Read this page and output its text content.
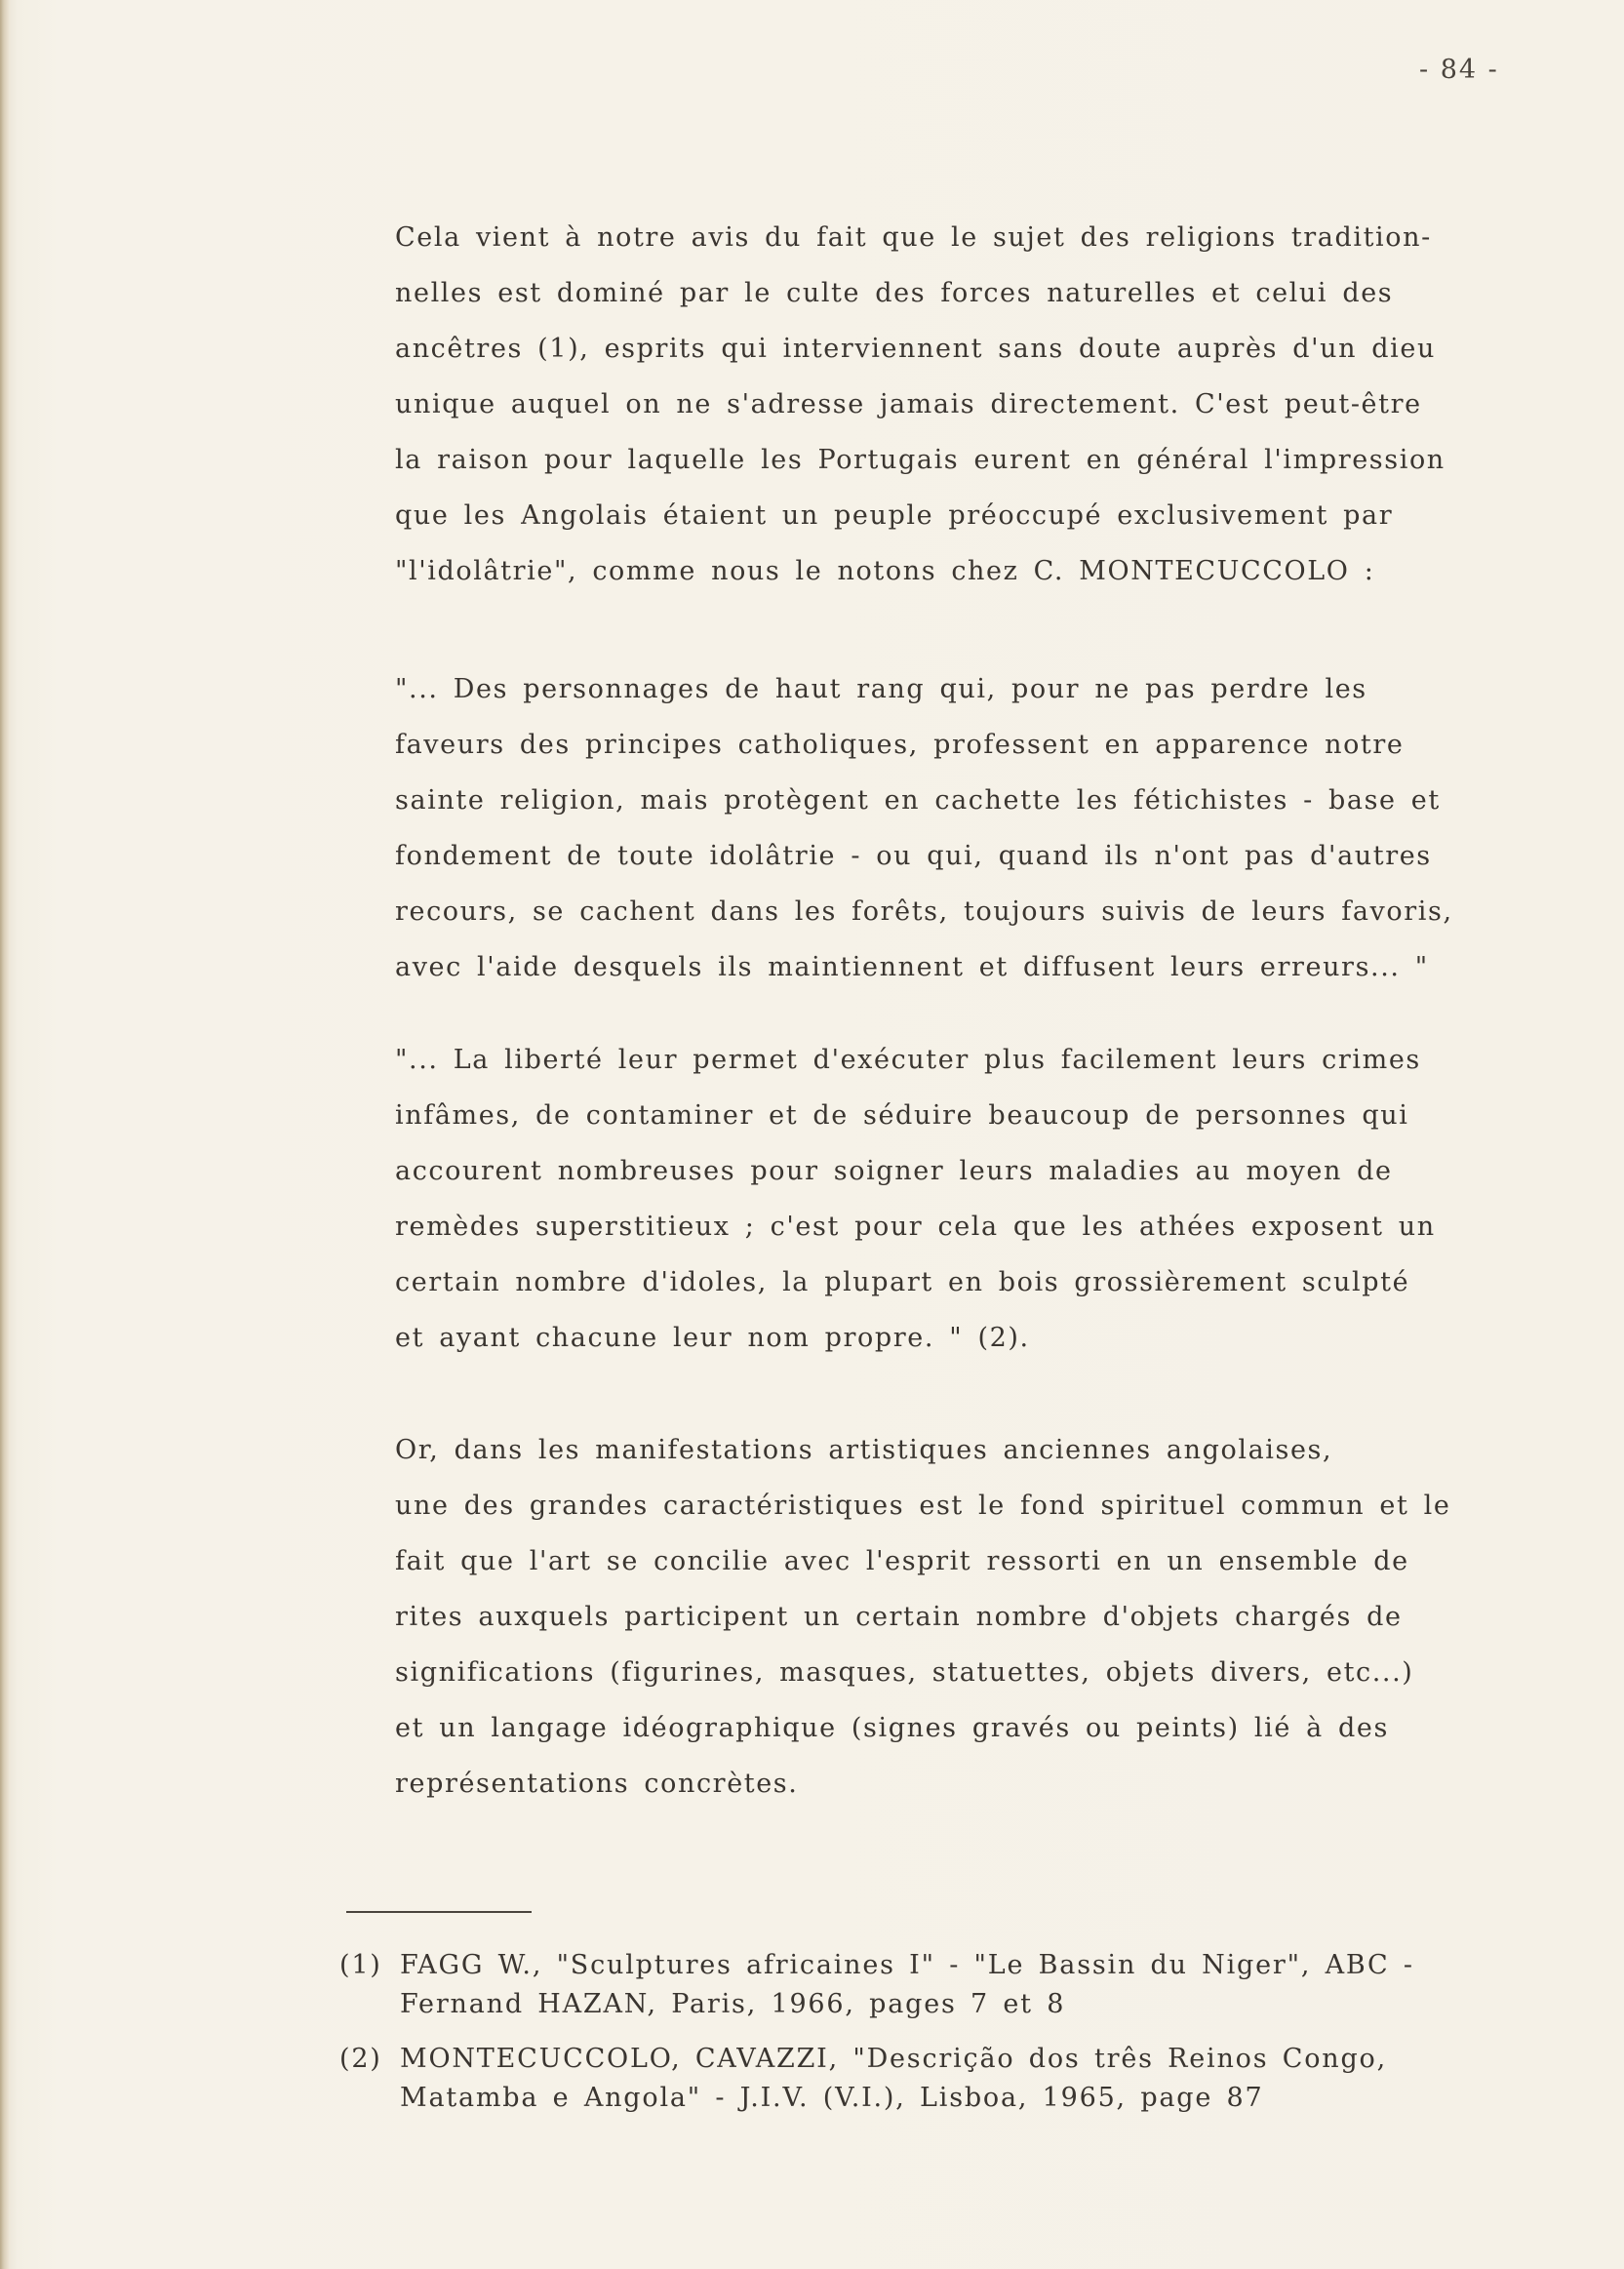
- 84 -
Cela vient à notre avis du fait que le sujet des religions tradition-
nelles est dominé par le culte des forces naturelles et celui des
ancêtres (1), esprits qui interviennent sans doute auprès d'un dieu
unique auquel on ne s'adresse jamais directement. C'est peut-être
la raison pour laquelle les Portugais eurent en général l'impression
que les Angolais étaient un peuple préoccupé exclusivement par
"l'idolâtrie", comme nous le notons chez C. MONTECUCCOLO :
"... Des personnages de haut rang qui, pour ne pas perdre les
faveurs des principes catholiques, professent en apparence notre
sainte religion, mais protègent en cachette les fétichistes - base et
fondement de toute idolâtrie - ou qui, quand ils n'ont pas d'autres
recours, se cachent dans les forêts, toujours suivis de leurs favoris,
avec l'aide desquels ils maintiennent et diffusent leurs erreurs... "
"... La liberté leur permet d'exécuter plus facilement leurs crimes
infâmes, de contaminer et de séduire beaucoup de personnes qui
accourent nombreuses pour soigner leurs maladies au moyen de
remèdes superstitieux ; c'est pour cela que les athées exposent un
certain nombre d'idoles, la plupart en bois grossièrement sculpté
et ayant chacune leur nom propre. " (2).
Or, dans les manifestations artistiques anciennes angolaises,
une des grandes caractéristiques est le fond spirituel commun et le
fait que l'art se concilie avec l'esprit ressorti en un ensemble de
rites auxquels participent un certain nombre d'objets chargés de
significations (figurines, masques, statuettes, objets divers, etc...)
et un langage idéographique (signes gravés ou peints) lié à des
représentations concrètes.
(1) FAGG W., "Sculptures africaines I" - "Le Bassin du Niger", ABC -
Fernand HAZAN, Paris, 1966, pages 7 et 8
(2) MONTECUCCOLO, CAVAZZI, "Descrição dos três Reinos Congo,
Matamba e Angola" - J.I.V. (V.I.), Lisboa, 1965, page 87
